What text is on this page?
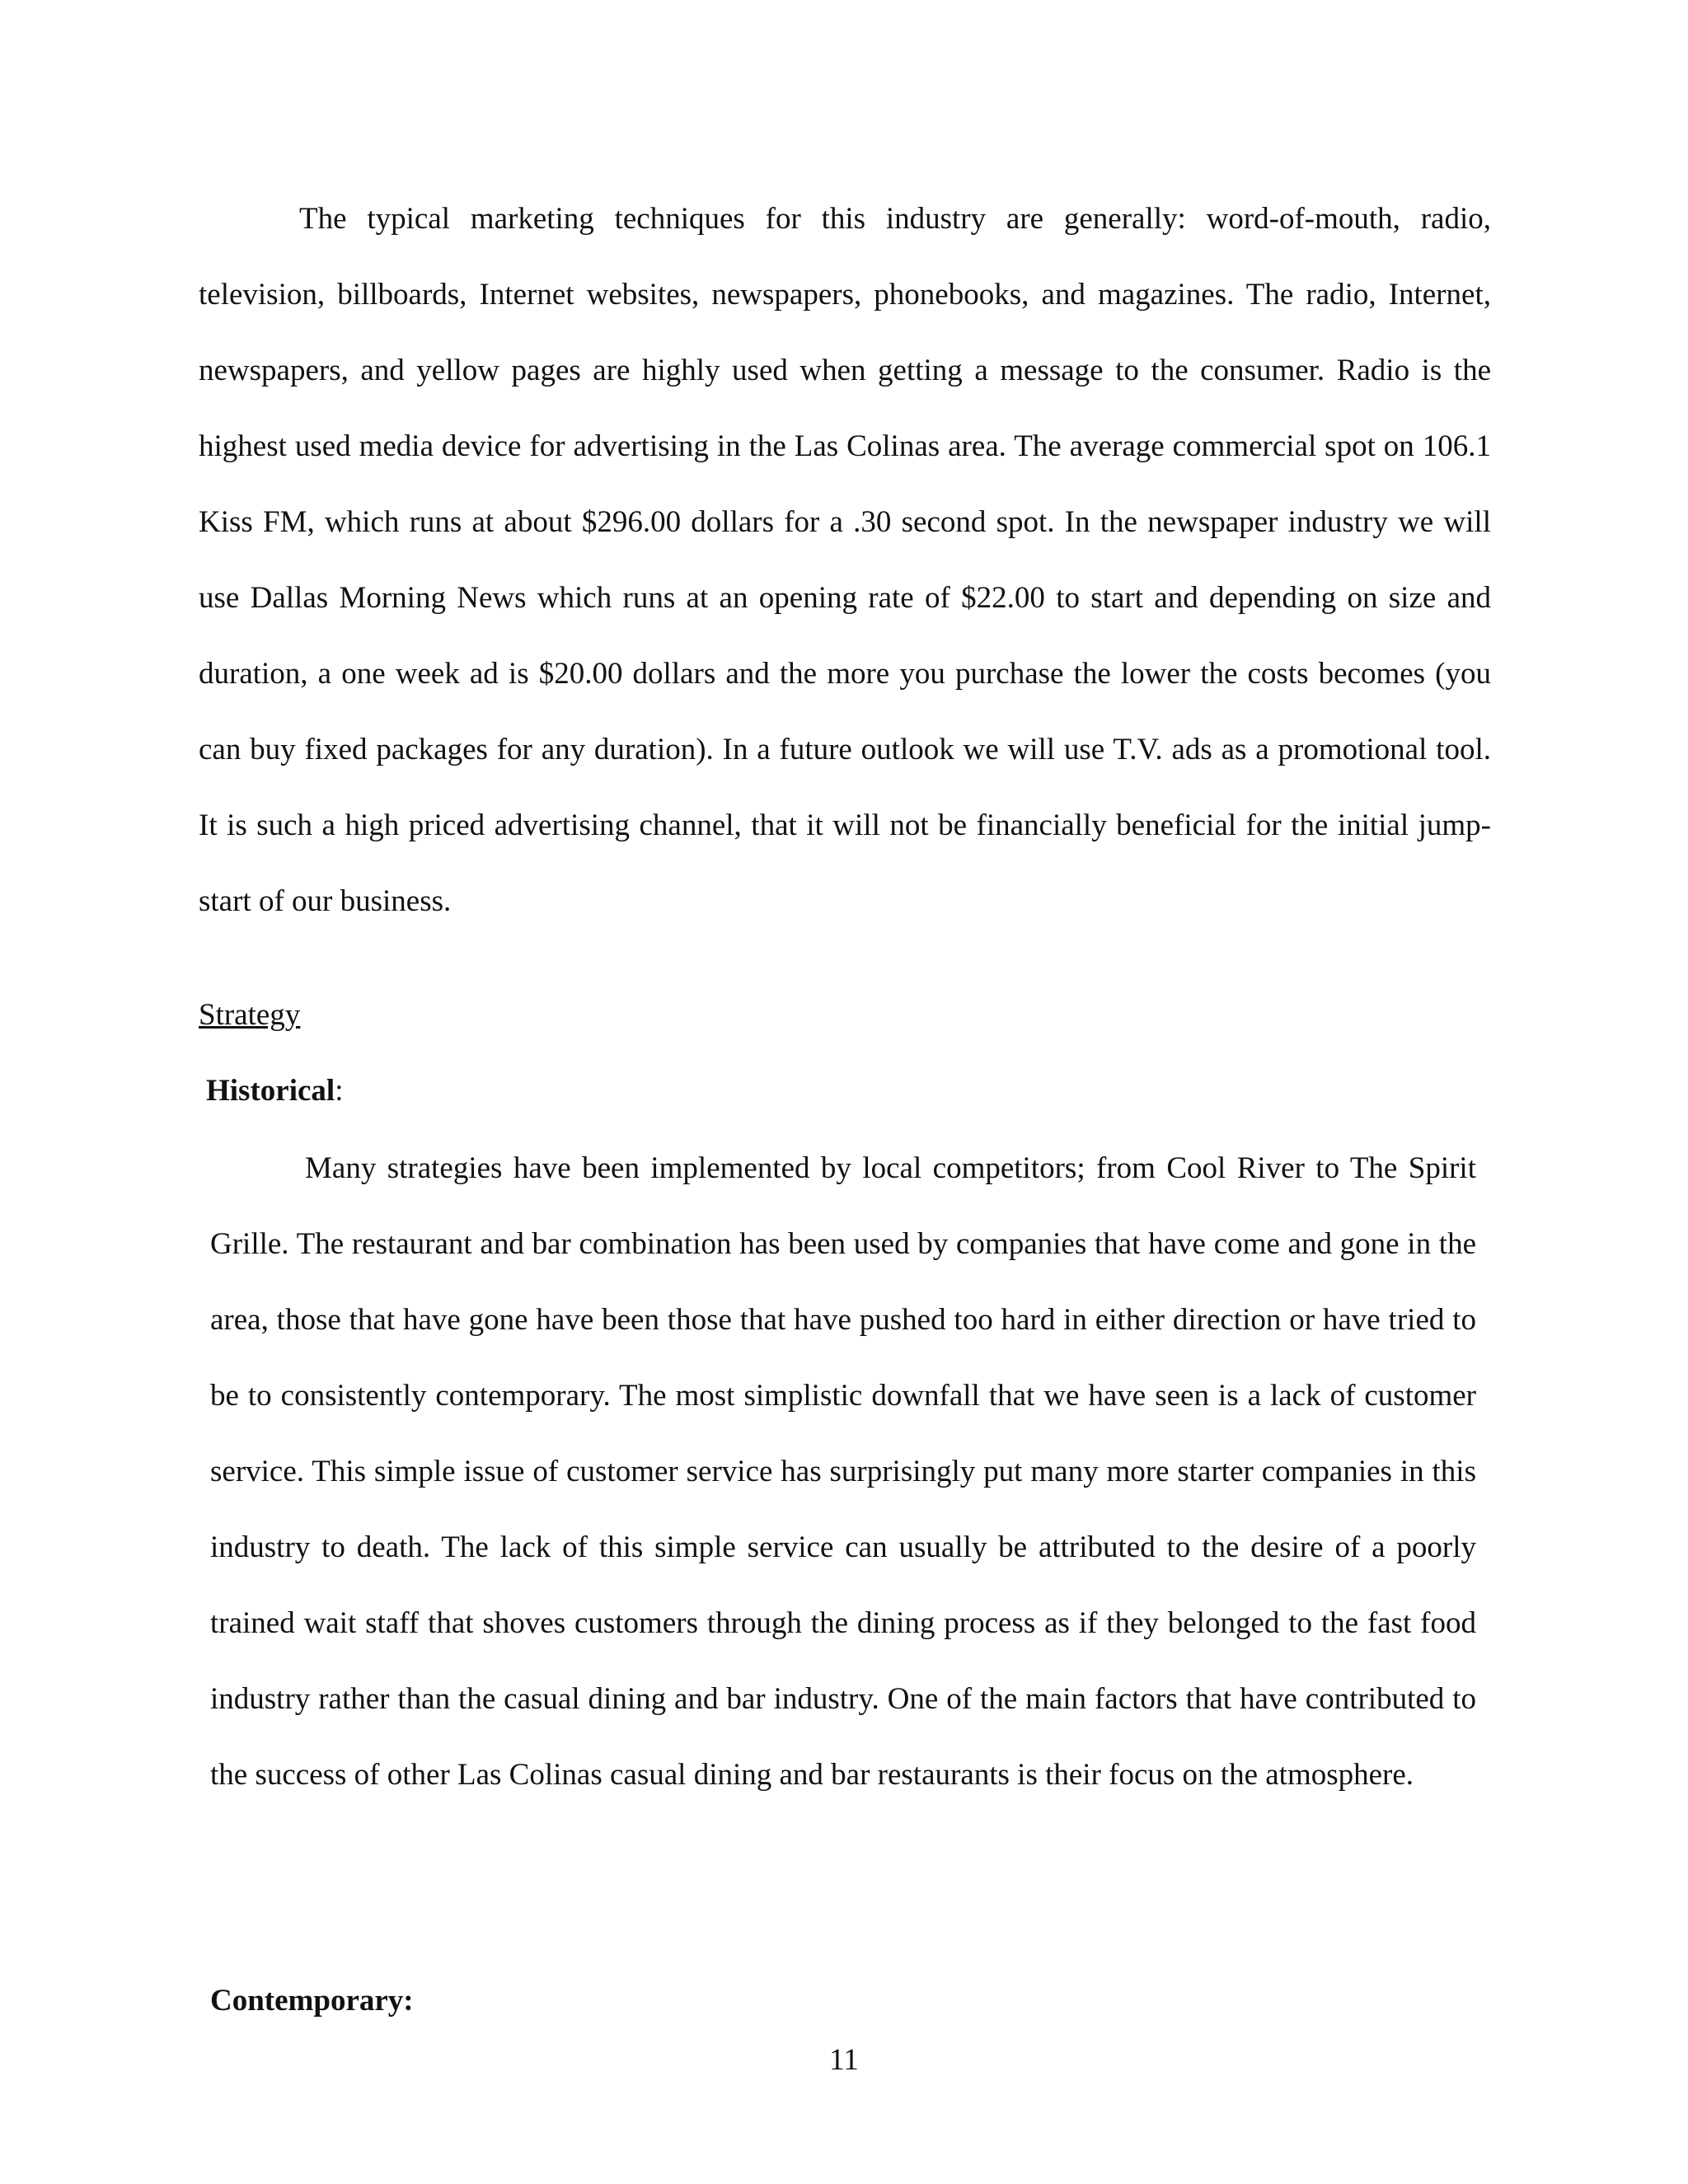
The typical marketing techniques for this industry are generally: word-of-mouth, radio, television, billboards, Internet websites, newspapers, phonebooks, and magazines. The radio, Internet, newspapers, and yellow pages are highly used when getting a message to the consumer. Radio is the highest used media device for advertising in the Las Colinas area. The average commercial spot on 106.1 Kiss FM, which runs at about $296.00 dollars for a .30 second spot. In the newspaper industry we will use Dallas Morning News which runs at an opening rate of $22.00 to start and depending on size and duration, a one week ad is $20.00 dollars and the more you purchase the lower the costs becomes (you can buy fixed packages for any duration). In a future outlook we will use T.V. ads as a promotional tool. It is such a high priced advertising channel, that it will not be financially beneficial for the initial jump-start of our business.

Strategy

Historical:

Many strategies have been implemented by local competitors; from Cool River to The Spirit Grille. The restaurant and bar combination has been used by companies that have come and gone in the area, those that have gone have been those that have pushed too hard in either direction or have tried to be to consistently contemporary. The most simplistic downfall that we have seen is a lack of customer service. This simple issue of customer service has surprisingly put many more starter companies in this industry to death. The lack of this simple service can usually be attributed to the desire of a poorly trained wait staff that shoves customers through the dining process as if they belonged to the fast food industry rather than the casual dining and bar industry. One of the main factors that have contributed to the success of other Las Colinas casual dining and bar restaurants is their focus on the atmosphere.

Contemporary:

11
